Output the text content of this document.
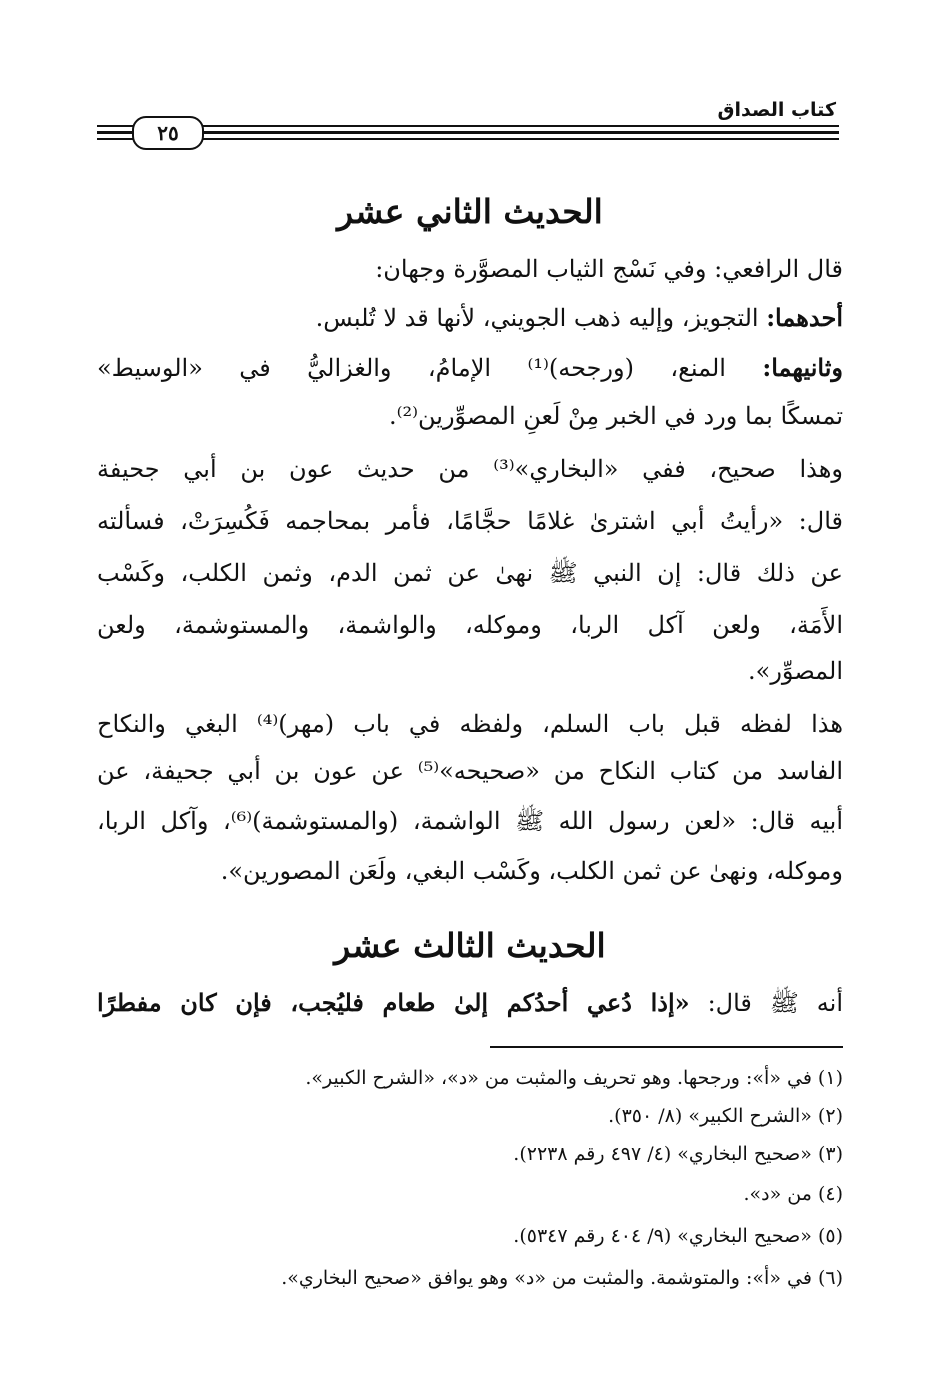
كتاب الصداق
٢٥
الحديث الثاني عشر
قال الرافعي: وفي نَسْج الثياب المصوَّرة وجهان:
أحدهما: التجويز، وإليه ذهب الجويني، لأنها قد لا تُلبس.
وثانيهما: المنع، (ورجحه)⁽¹⁾ الإمامُ، والغزاليُّ في «الوسيط»
تمسكًا بما ورد في الخبر مِنْ لَعنِ المصوِّرين⁽²⁾.
وهذا صحيح، ففي «البخاري»⁽³⁾ من حديث عون بن أبي جحيفة
قال: «رأيتُ أبي اشترىٰ غلامًا حجَّامًا، فأمر بمحاجمه فَكُسِرَتْ، فسألته
عن ذلك قال: إن النبي ﷺ نهىٰ عن ثمن الدم، وثمن الكلب، وكَسْب
الأَمَة، ولعن آكل الربا، وموكله، والواشمة، والمستوشمة، ولعن
المصوِّر».
هذا لفظه قبل باب السلم، ولفظه في باب (مهر)⁽⁴⁾ البغي والنكاح
الفاسد من كتاب النكاح من «صحيحه»⁽⁵⁾ عن عون بن أبي جحيفة، عن
أبيه قال: «لعن رسول الله ﷺ الواشمة، (والمستوشمة)⁽⁶⁾، وآكل الربا،
وموكله، ونهىٰ عن ثمن الكلب، وكَسْب البغي، ولَعَن المصورين».
الحديث الثالث عشر
أنه ﷺ قال: «إذا دُعي أحدُكم إلىٰ طعام فليُجب، فإن كان مفطرًا
(١) في «أ»: ورجحها. وهو تحريف والمثبت من «د»، «الشرح الكبير».
(٢) «الشرح الكبير» (٨/ ٣٥٠).
(٣) «صحيح البخاري» (٤/ ٤٩٧ رقم ٢٢٣٨).
(٤) من «د».
(٥) «صحيح البخاري» (٩/ ٤٠٤ رقم ٥٣٤٧).
(٦) في «أ»: والمتوشمة. والمثبت من «د» وهو يوافق «صحيح البخاري».
